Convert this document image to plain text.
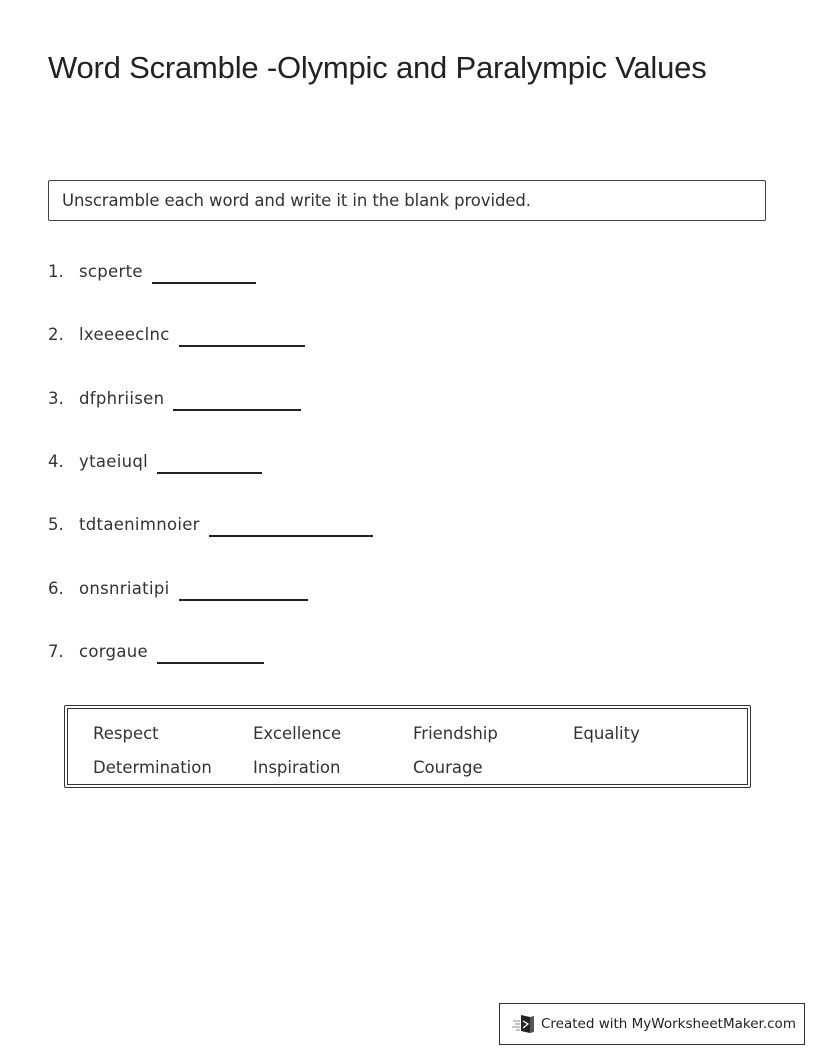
Word Scramble -Olympic and Paralympic Values
Unscramble each word and write it in the blank provided.
1. scperte
2. lxeeeeclnc
3. dfphriisen
4. ytaeiuql
5. tdtaenimnoier
6. onsnriatipi
7. corgaue
Respect	Excellence	Friendship	Equality
Determination	Inspiration	Courage
Created with MyWorksheetMaker.com
